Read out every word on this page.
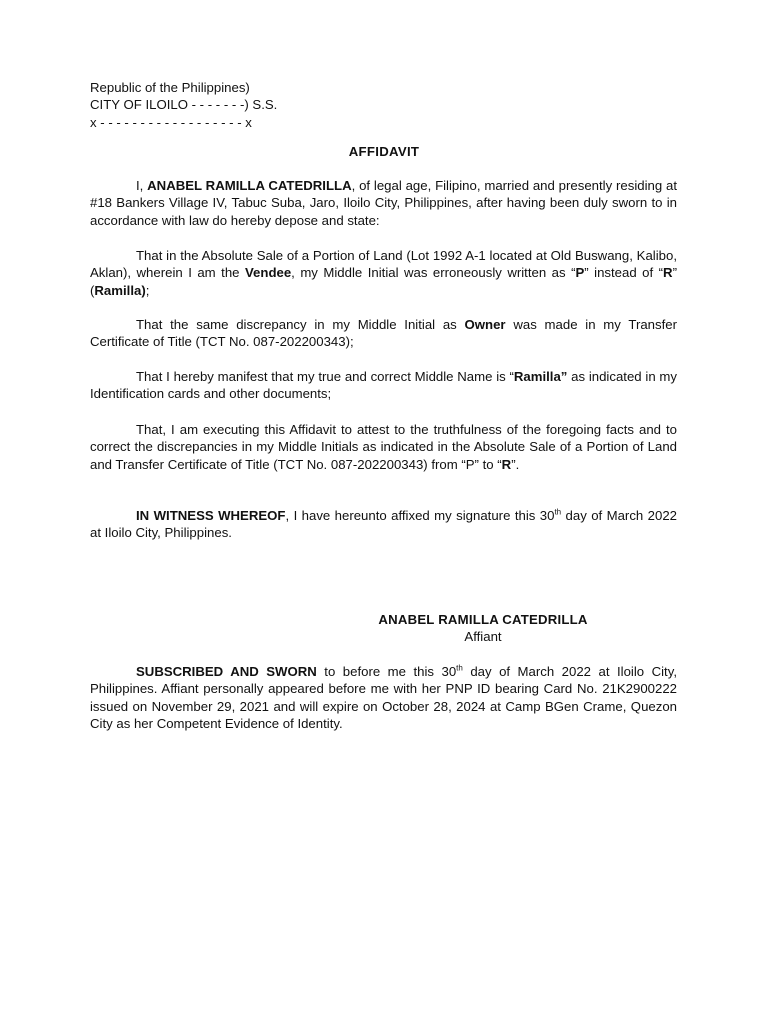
Republic of the Philippines)
CITY OF ILOILO - - - - - - -) S.S.
x - - - - - - - - - - - - - - - - - - x
AFFIDAVIT

I, ANABEL RAMILLA CATEDRILLA, of legal age, Filipino, married and presently residing at #18 Bankers Village IV, Tabuc Suba, Jaro, Iloilo City, Philippines, after having been duly sworn to in accordance with law do hereby depose and state:

That in the Absolute Sale of a Portion of Land (Lot 1992 A-1 located at Old Buswang, Kalibo, Aklan), wherein I am the Vendee, my Middle Initial was erroneously written as “P” instead of “R” (Ramilla);

That the same discrepancy in my Middle Initial as Owner was made in my Transfer Certificate of Title (TCT No. 087-202200343);

That I hereby manifest that my true and correct Middle Name is “Ramilla” as indicated in my Identification cards and other documents;

That, I am executing this Affidavit to attest to the truthfulness of the foregoing facts and to correct the discrepancies in my Middle Initials as indicated in the Absolute Sale of a Portion of Land and Transfer Certificate of Title (TCT No. 087-202200343) from “P” to “R”.

IN WITNESS WHEREOF, I have hereunto affixed my signature this 30th day of March 2022 at Iloilo City, Philippines.

ANABEL RAMILLA CATEDRILLA
Affiant

SUBSCRIBED AND SWORN to before me this 30th day of March 2022 at Iloilo City, Philippines. Affiant personally appeared before me with her PNP ID bearing Card No. 21K2900222 issued on November 29, 2021 and will expire on October 28, 2024 at Camp BGen Crame, Quezon City as her Competent Evidence of Identity.
